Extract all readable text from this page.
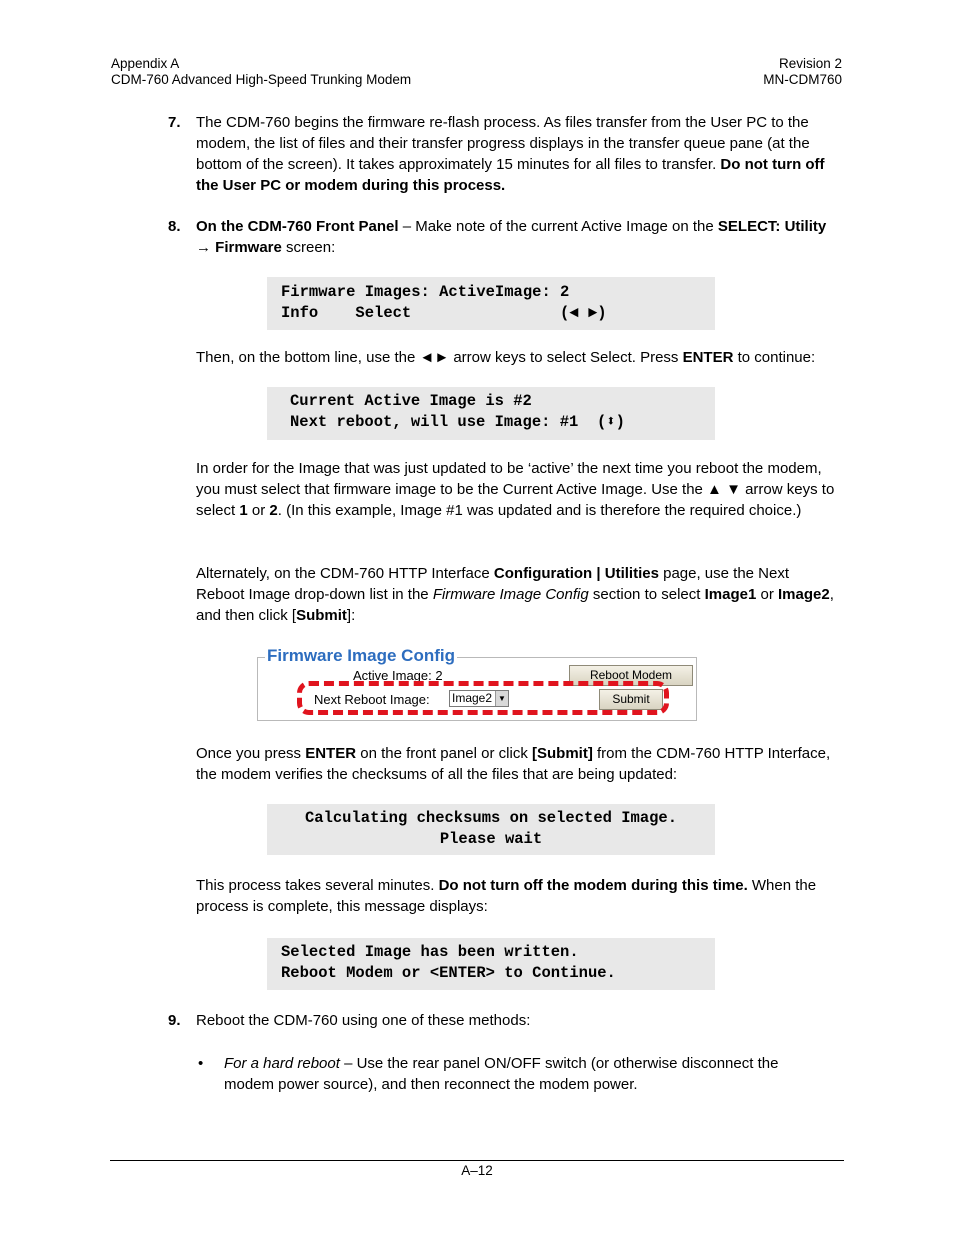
Appendix A
CDM-760 Advanced High-Speed Trunking Modem
Revision 2
MN-CDM760
7. The CDM-760 begins the firmware re-flash process. As files transfer from the User PC to the modem, the list of files and their transfer progress displays in the transfer queue pane (at the bottom of the screen). It takes approximately 15 minutes for all files to transfer. Do not turn off the User PC or modem during this process.
8. On the CDM-760 Front Panel – Make note of the current Active Image on the SELECT: Utility → Firmware screen:
Firmware Images: ActiveImage: 2
Info    Select                (◄ ►)
Then, on the bottom line, use the ◄► arrow keys to select Select. Press ENTER to continue:
Current Active Image is #2
Next reboot, will use Image: #1  (⬍)
In order for the Image that was just updated to be ‘active’ the next time you reboot the modem, you must select that firmware image to be the Current Active Image. Use the ▲ ▼ arrow keys to select 1 or 2. (In this example, Image #1 was updated and is therefore the required choice.)
Alternately, on the CDM-760 HTTP Interface Configuration | Utilities page, use the Next Reboot Image drop-down list in the Firmware Image Config section to select Image1 or Image2, and then click [Submit]:
Firmware Image Config
Active Image: 2	Reboot Modem
Next Reboot Image: Image2 ▼	Submit
Once you press ENTER on the front panel or click [Submit] from the CDM-760 HTTP Interface, the modem verifies the checksums of all the files that are being updated:
Calculating checksums on selected Image.
Please wait
This process takes several minutes. Do not turn off the modem during this time. When the process is complete, this message displays:
Selected Image has been written.
Reboot Modem or <ENTER> to Continue.
9. Reboot the CDM-760 using one of these methods:
• For a hard reboot – Use the rear panel ON/OFF switch (or otherwise disconnect the modem power source), and then reconnect the modem power.
A–12
